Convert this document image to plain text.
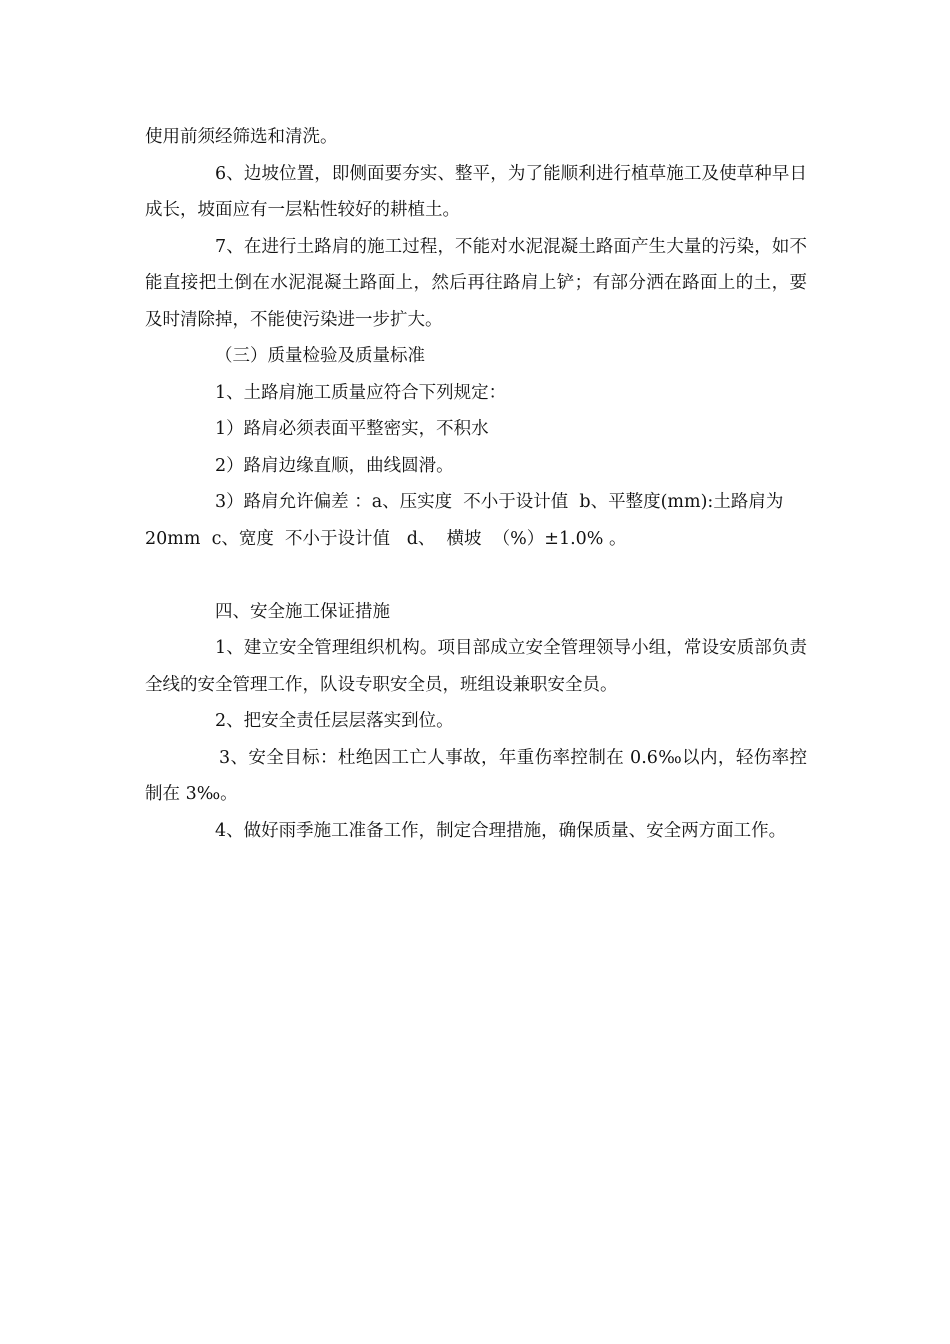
使用前须经筛选和清洗。

6、边坡位置，即侧面要夯实、整平，为了能顺利进行植草施工及使草种早日成长，坡面应有一层粘性较好的耕植土。

7、在进行土路肩的施工过程，不能对水泥混凝土路面产生大量的污染，如不能直接把土倒在水泥混凝土路面上，然后再往路肩上铲；有部分洒在路面上的土，要及时清除掉，不能使污染进一步扩大。

（三）质量检验及质量标准

1、土路肩施工质量应符合下列规定：

1）路肩必须表面平整密实，不积水

2）路肩边缘直顺，曲线圆滑。

3）路肩允许偏差 ：a、压实度  不小于设计值  b、平整度(mm):土路肩为20mm  c、宽度  不小于设计值   d、  横坡  （%）±1.0% 。

四、安全施工保证措施

1、建立安全管理组织机构。项目部成立安全管理领导小组，常设安质部负责全线的安全管理工作，队设专职安全员，班组设兼职安全员。

2、把安全责任层层落实到位。

3、安全目标：杜绝因工亡人事故，年重伤率控制在 0.6‰以内，轻伤率控制在 3‰。

4、做好雨季施工准备工作，制定合理措施，确保质量、安全两方面工作。
